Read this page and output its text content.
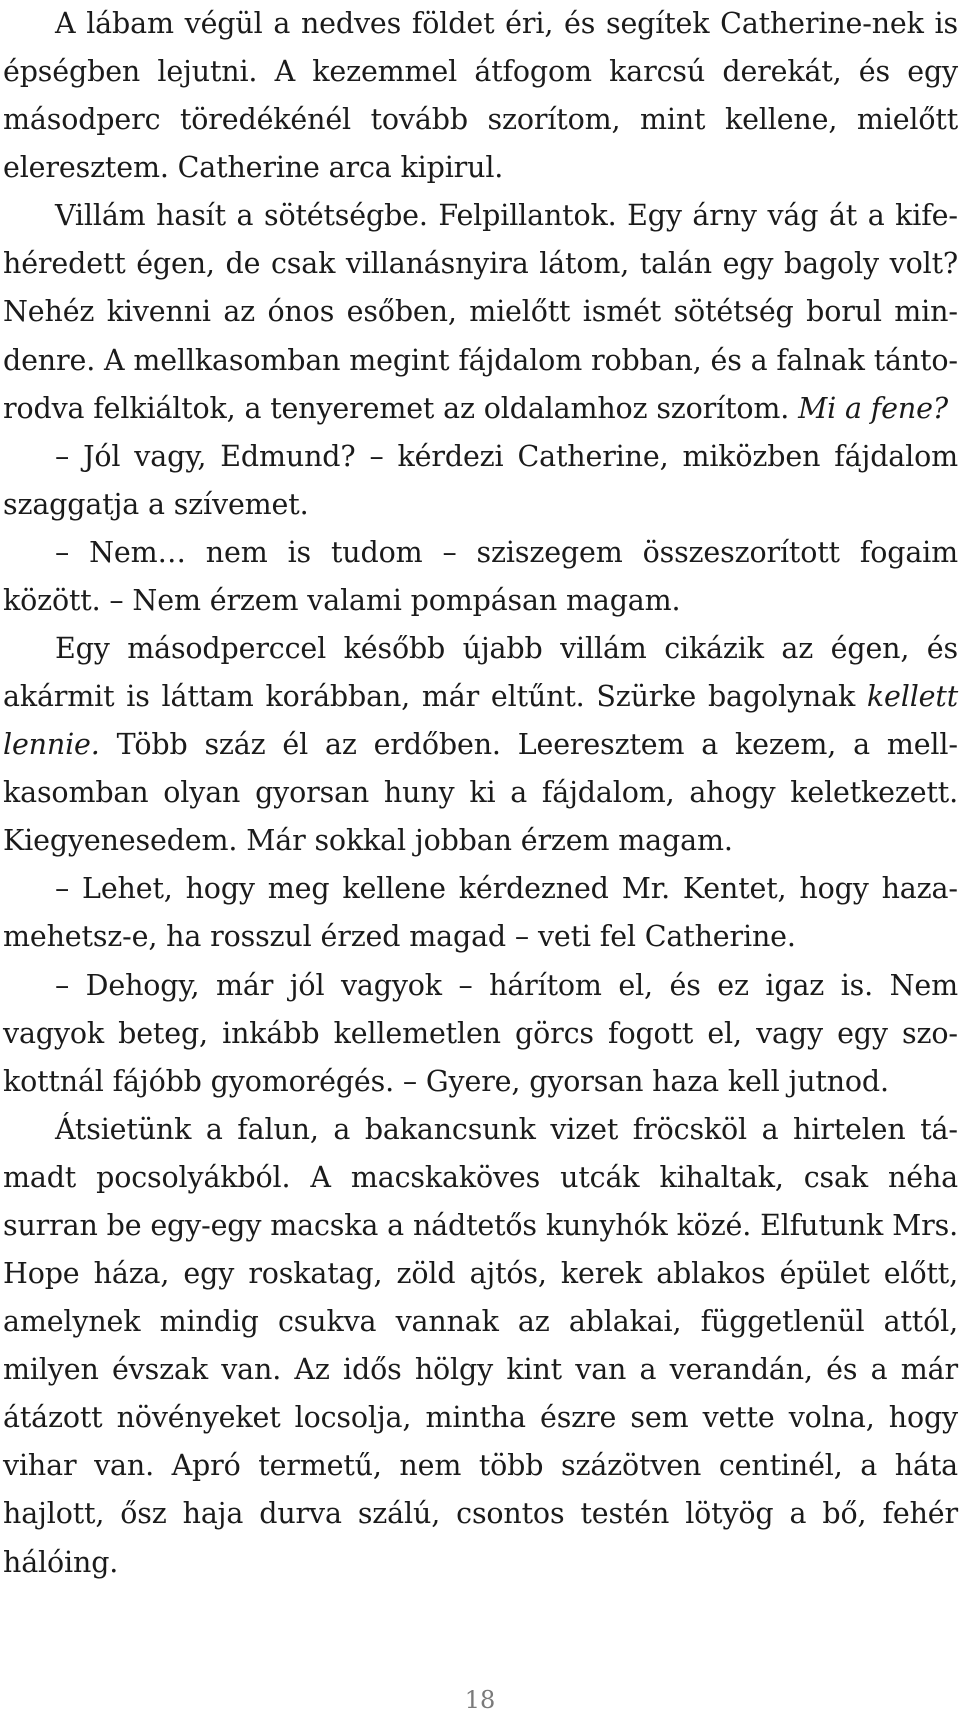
A lábam végül a nedves földet éri, és segítek Catherine-nek is épségben lejutni. A kezemmel átfogom karcsú derekát, és egy másodperc töredékénél tovább szorítom, mint kellene, mielőtt eleresztem. Catherine arca kipirul.

Villám hasít a sötétségbe. Felpillantok. Egy árny vág át a kifehéredett égen, de csak villanásnyira látom, talán egy bagoly volt? Nehéz kivenni az ónos esőben, mielőtt ismét sötétség borul mindenre. A mellkasomban megint fájdalom robban, és a falnak tántorodva felkiáltok, a tenyeremet az oldalamhoz szorítom. Mi a fene?

– Jól vagy, Edmund? – kérdezi Catherine, miközben fájdalom szaggatja a szívemet.

– Nem… nem is tudom – sziszegem összeszorított fogaim között. – Nem érzem valami pompásan magam.

Egy másodperccel később újabb villám cikázik az égen, és akármit is láttam korábban, már eltűnt. Szürke bagolynak kellett lennie. Több száz él az erdőben. Leeresztem a kezem, a mellkasomban olyan gyorsan huny ki a fájdalom, ahogy keletkezett. Kiegyenesedem. Már sokkal jobban érzem magam.

– Lehet, hogy meg kellene kérdezned Mr. Kentet, hogy hazamehetsz-e, ha rosszul érzed magad – veti fel Catherine.

– Dehogy, már jól vagyok – hárítom el, és ez igaz is. Nem vagyok beteg, inkább kellemetlen görcs fogott el, vagy egy szokottnál fájóbb gyomorégés. – Gyere, gyorsan haza kell jutnod.

Átsietünk a falun, a bakancsunk vizet fröcsköl a hirtelen támadt pocsolyákból. A macskaköves utcák kihaltak, csak néha surran be egy-egy macska a nádtetős kunyhók közé. Elfutunk Mrs. Hope háza, egy roskatag, zöld ajtós, kerek ablakos épület előtt, amelynek mindig csukva vannak az ablakai, függetlenül attól, milyen évszak van. Az idős hölgy kint van a verandán, és a már átázott növényeket locsolja, mintha észre sem vette volna, hogy vihar van. Apró termetű, nem több százötven centinél, a háta hajlott, ősz haja durva szálú, csontos testén lötyög a bő, fehér hálóing.

18
